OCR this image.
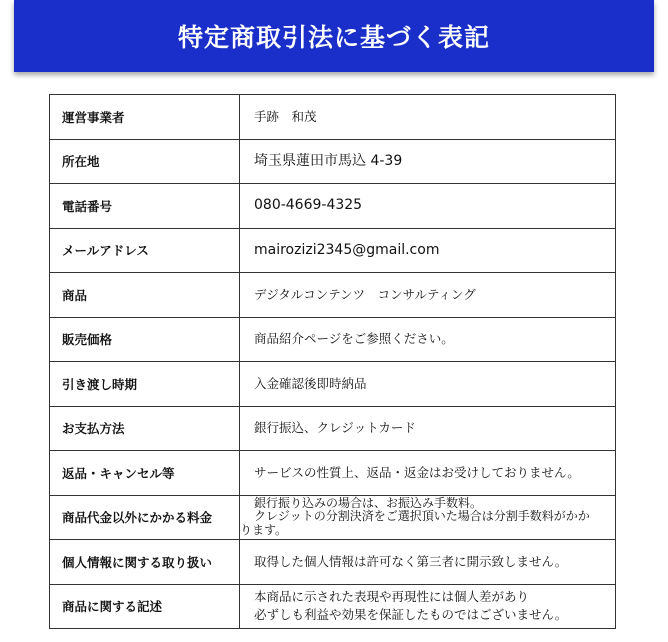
特定商取引法に基づく表記
運営事業者	手跡　和茂

所在地	埼玉県蓮田市馬込 4-39

電話番号	080-4669-4325

メールアドレス	mairozizi2345@gmail.com

商品	デジタルコンテンツ　コンサルティング

販売価格	商品紹介ページをご参照ください。

引き渡し時期	入金確認後即時納品

お支払方法	銀行振込、クレジットカード

返品・キャンセル等	サービスの性質上、返品・返金はお受けしておりません。

商品代金以外にかかる料金	銀行振り込みの場合は、お振込み手数料。
クレジットの分割決済をご選択頂いた場合は分割手数料がかか
ります。

個人情報に関する取り扱い	取得した個人情報は許可なく第三者に開示致しません。

商品に関する記述	本商品に示された表現や再現性には個人差があり
必ずしも利益や効果を保証したものではございません。
